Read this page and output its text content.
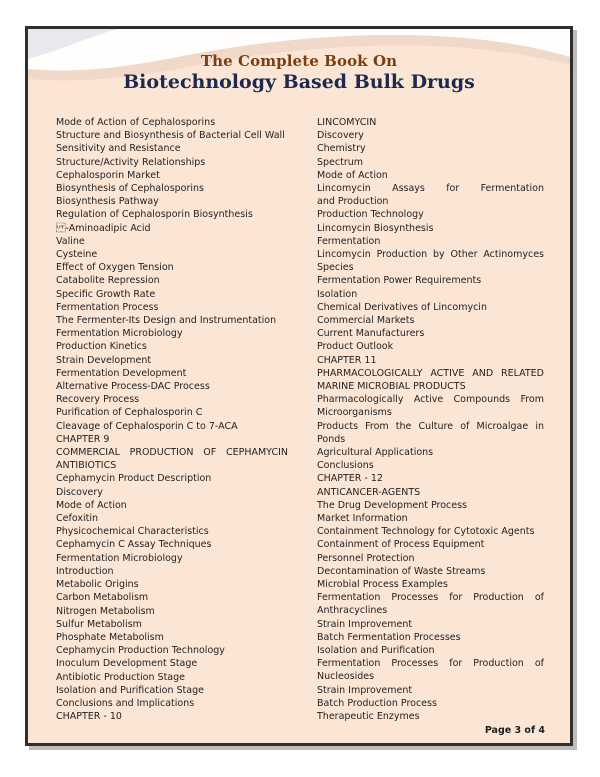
The Complete Book On
Biotechnology Based Bulk Drugs
Mode of Action of Cephalosporins
Structure and Biosynthesis of Bacterial Cell Wall
Sensitivity and Resistance
Structure/Activity Relationships
Cephalosporin Market
Biosynthesis of Cephalosporins
Biosynthesis Pathway
Regulation of Cephalosporin Biosynthesis
-Aminoadipic Acid
Valine
Cysteine
Effect of Oxygen Tension
Catabolite Repression
Specific Growth Rate
Fermentation Process
The Fermenter-Its Design and Instrumentation
Fermentation Microbiology
Production Kinetics
Strain Development
Fermentation Development
Alternative Process-DAC Process
Recovery Process
Purification of Cephalosporin C
Cleavage of Cephalosporin C to 7-ACA
CHAPTER 9
COMMERCIAL PRODUCTION OF CEPHAMYCIN
ANTIBIOTICS
Cephamycin Product Description
Discovery
Mode of Action
Cefoxitin
Physicochemical Characteristics
Cephamycin C Assay Techniques
Fermentation Microbiology
Introduction
Metabolic Origins
Carbon Metabolism
Nitrogen Metabolism
Sulfur Metabolism
Phosphate Metabolism
Cephamycin Production Technology
Inoculum Development Stage
Antibiotic Production Stage
Isolation and Purification Stage
Conclusions and Implications
CHAPTER - 10
LINCOMYCIN
Discovery
Chemistry
Spectrum
Mode of Action
Lincomycin Assays for Fermentation
and Production
Production Technology
Lincomycin Biosynthesis
Fermentation
Lincomycin Production by Other Actinomyces
Species
Fermentation Power Requirements
Isolation
Chemical Derivatives of Lincomycin
Commercial Markets
Current Manufacturers
Product Outlook
CHAPTER 11
PHARMACOLOGICALLY ACTIVE AND RELATED
MARINE MICROBIAL PRODUCTS
Pharmacologically Active Compounds From
Microorganisms
Products From the Culture of Microalgae in
Ponds
Agricultural Applications
Conclusions
CHAPTER - 12
ANTICANCER-AGENTS
The Drug Development Process
Market Information
Containment Technology for Cytotoxic Agents
Containment of Process Equipment
Personnel Protection
Decontamination of Waste Streams
Microbial Process Examples
Fermentation Processes for Production of
Anthracyclines
Strain Improvement
Batch Fermentation Processes
Isolation and Purification
Fermentation Processes for Production of
Nucleosides
Strain Improvement
Batch Production Process
Therapeutic Enzymes
Page 3 of 4
